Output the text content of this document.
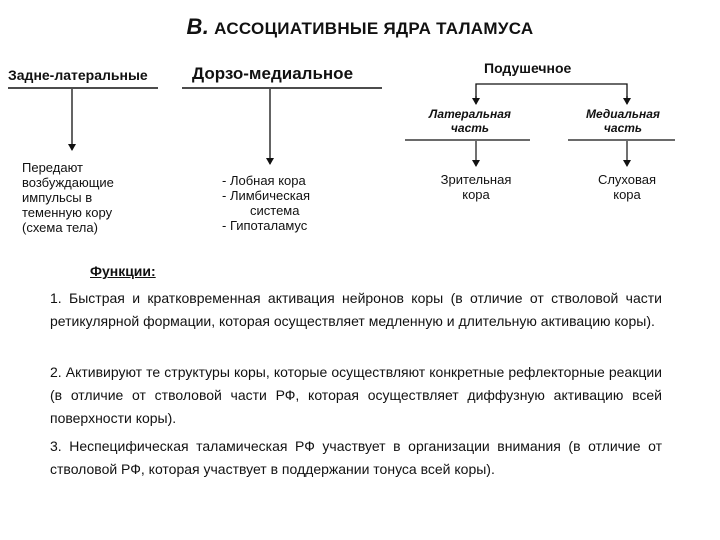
В. АССОЦИАТИВНЫЕ ЯДРА ТАЛАМУСА
Задне-латеральные	Дорзо-медиальное	Подушечное
Передают
возбуждающие
импульсы в
теменную кору
(схема тела)
- Лобная кора
- Лимбическая
система
- Гипоталамус
Латеральная
часть
Медиальная
часть
Зрительная
кора
Слуховая
кора
Функции:
1. Быстрая и кратковременная активация нейронов коры (в отличие от стволовой части ретикулярной формации, которая осуществляет медленную и длительную активацию коры).
2. Активируют те структуры коры, которые осуществляют конкретные рефлекторные реакции (в отличие от стволовой части РФ, которая осуществляет диффузную активацию всей поверхности коры).
3. Неспецифическая таламическая РФ участвует в организации внимания (в отличие от стволовой РФ, которая участвует в поддержании тонуса всей коры).
